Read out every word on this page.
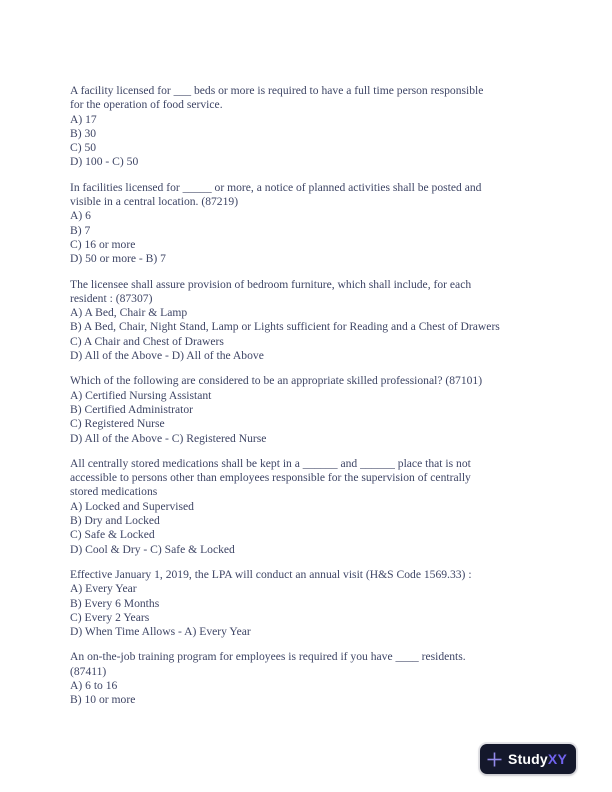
A facility licensed for ___ beds or more is required to have a full time person responsible
for the operation of food service.
A) 17
B) 30
C) 50
D) 100 - C) 50
In facilities licensed for _____ or more, a notice of planned activities shall be posted and
visible in a central location. (87219)
A) 6
B) 7
C) 16 or more
D) 50 or more - B) 7
The licensee shall assure provision of bedroom furniture, which shall include, for each
resident : (87307)
A) A Bed, Chair & Lamp
B) A Bed, Chair, Night Stand, Lamp or Lights sufficient for Reading and a Chest of Drawers
C) A Chair and Chest of Drawers
D) All of the Above - D) All of the Above
Which of the following are considered to be an appropriate skilled professional? (87101)
A) Certified Nursing Assistant
B) Certified Administrator
C) Registered Nurse
D) All of the Above - C) Registered Nurse
All centrally stored medications shall be kept in a ______ and ______ place that is not
accessible to persons other than employees responsible for the supervision of centrally
stored medications
A) Locked and Supervised
B) Dry and Locked
C) Safe & Locked
D) Cool & Dry - C) Safe & Locked
Effective January 1, 2019, the LPA will conduct an annual visit (H&S Code 1569.33) :
A) Every Year
B) Every 6 Months
C) Every 2 Years
D) When Time Allows - A) Every Year
An on-the-job training program for employees is required if you have ____ residents.
(87411)
A) 6 to 16
B) 10 or more
StudyXY
